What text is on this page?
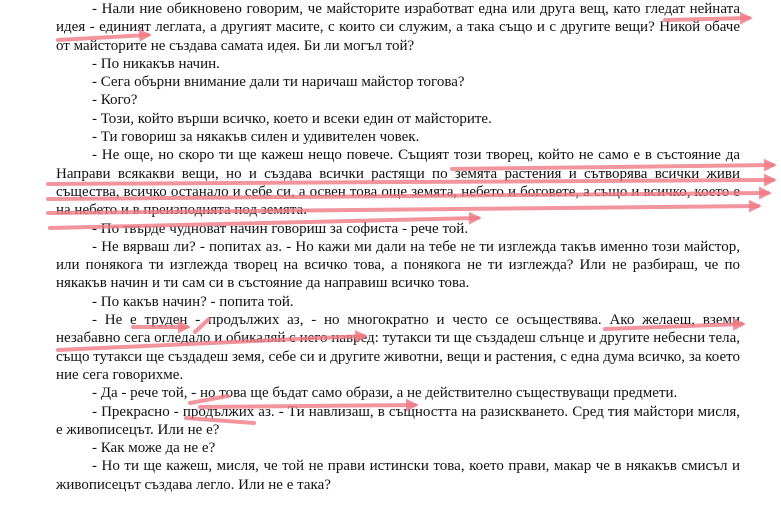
- Нали ние обикновено говорим, че майсторите изработват една или друга вещ, като гледат нейната идея - единият леглата, а другият масите, с които си служим, а така също и с другите вещи? Никой обаче от майсторите не създава самата идея. Би ли могъл той?

- По никакъв начин.

- Сега обърни внимание дали ти наричаш майстор тогова?

- Кого?

- Този, който върши всичко, което и всеки един от майсторите.

- Ти говориш за някакъв силен и удивителен човек.

- Не още, но скоро ти ще кажеш нещо повече. Същият този творец, който не само е в състояние да Направи всякакви вещи, но и създава всички растящи по земята растения и сътворява всички живи същества, всичко останало и себе си, а освен това още земята, небето и боговете, а също и всичко, което е на небето и в преизподнята под земята.

- По твърде чудноват начин говориш за софиста - рече той.

- Не вярваш ли? - попитах аз. - Но кажи ми дали на тебе не ти изглежда такъв именно този майстор, или понякога ти изглежда творец на всичко това, а понякога не ти изглежда? Или не разбираш, че по някакъв начин и ти сам си в състояние да направиш всичко това.

- По какъв начин? - попита той.

- Не е труден - продължих аз, - но многократно и често се осъществява. Ако желаеш, вземи незабавно сега огледало и обикаляй с него навред: тутакси ти ще създадеш слънце и другите небесни тела, също тутакси ще създадеш земя, себе си и другите животни, вещи и растения, с една дума всичко, за което ние сега говорихме.

- Да - рече той, - но това ще бъдат само образи, а не действително съществуващи предмети.

- Прекрасно - продължих аз. - Ти навлизаш, в същността на разискването. Сред тия майстори мисля, е живописецът. Или не е?

- Как може да не е?

- Но ти ще кажеш, мисля, че той не прави истински това, което прави, макар че в някакъв смисъл и живописецът създава легло. Или не е така?
